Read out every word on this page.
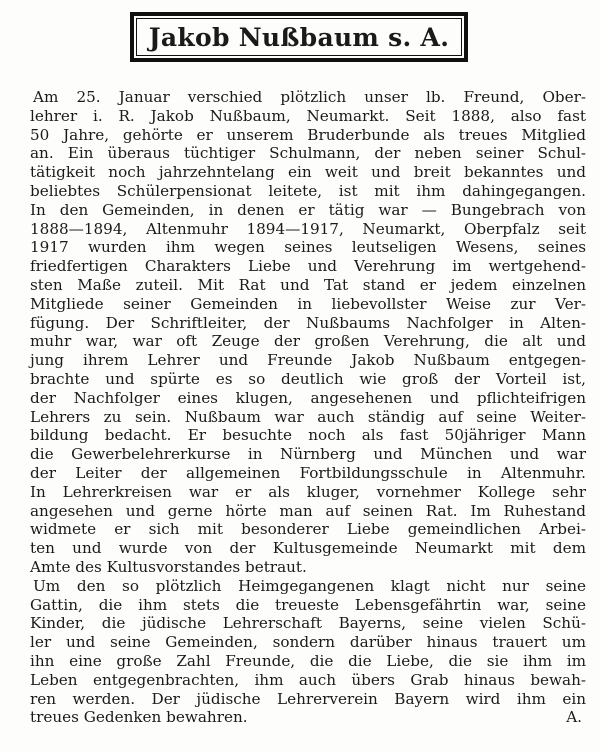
Jakob Nußbaum s. A.
Am 25. Januar verschied plötzlich unser lb. Freund, Ober-
lehrer i. R. Jakob Nußbaum, Neumarkt. Seit 1888, also fast
50 Jahre, gehörte er unserem Bruderbunde als treues Mitglied
an. Ein überaus tüchtiger Schulmann, der neben seiner Schul-
tätigkeit noch jahrzehntelang ein weit und breit bekanntes und
beliebtes Schülerpensionat leitete, ist mit ihm dahingegangen.
In den Gemeinden, in denen er tätig war — Bungebrach von
1888—1894, Altenmuhr 1894—1917, Neumarkt, Oberpfalz seit
1917 wurden ihm wegen seines leutseligen Wesens, seines
friedfertigen Charakters Liebe und Verehrung im wertgehend-
sten Maße zuteil. Mit Rat und Tat stand er jedem einzelnen
Mitgliede seiner Gemeinden in liebevollster Weise zur Ver-
fügung. Der Schriftleiter, der Nußbaums Nachfolger in Alten-
muhr war, war oft Zeuge der großen Verehrung, die alt und
jung ihrem Lehrer und Freunde Jakob Nußbaum entgegen-
brachte und spürte es so deutlich wie groß der Vorteil ist,
der Nachfolger eines klugen, angesehenen und pflichteifrigen
Lehrers zu sein. Nußbaum war auch ständig auf seine Weiter-
bildung bedacht. Er besuchte noch als fast 50jähriger Mann
die Gewerbelehrerkurse in Nürnberg und München und war
der Leiter der allgemeinen Fortbildungsschule in Altenmuhr.
In Lehrerkreisen war er als kluger, vornehmer Kollege sehr
angesehen und gerne hörte man auf seinen Rat. Im Ruhestand
widmete er sich mit besonderer Liebe gemeindlichen Arbei-
ten und wurde von der Kultusgemeinde Neumarkt mit dem
Amte des Kultusvorstandes betraut.
Um den so plötzlich Heimgegangenen klagt nicht nur seine
Gattin, die ihm stets die treueste Lebensgefährtin war, seine
Kinder, die jüdische Lehrerschaft Bayerns, seine vielen Schü-
ler und seine Gemeinden, sondern darüber hinaus trauert um
ihn eine große Zahl Freunde, die die Liebe, die sie ihm im
Leben entgegenbrachten, ihm auch übers Grab hinaus bewah-
ren werden. Der jüdische Lehrerverein Bayern wird ihm ein
treues Gedenken bewahren.	A.
